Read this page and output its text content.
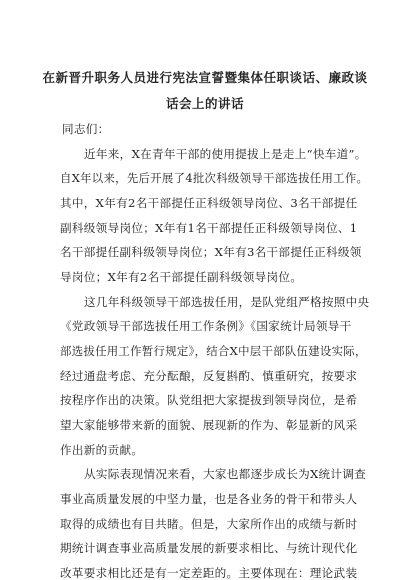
在新晋升职务人员进行宪法宣誓暨集体任职谈话、廉政谈
话会上的讲话
同志们：
近年来，X在青年干部的使用提拔上是走上“快车道”。
自X年以来，先后开展了4批次科级领导干部选拔任用工作。
其中，X年有2名干部提任正科级领导岗位、3名干部提任
副科级领导岗位；X年有1名干部提任正科级领导岗位、1
名干部提任副科级领导岗位；X年有3名干部提任正科级领
导岗位；X年有2名干部提任副科级领导岗位。
这几年科级领导干部选拔任用，是队党组严格按照中央
《党政领导干部选拔任用工作条例》《国家统计局领导干
部选拔任用工作暂行规定》，结合X中层干部队伍建设实际，
经过通盘考虑、充分酝酿，反复斟酌、慎重研究，按要求
按程序作出的决策。队党组把大家提拔到领导岗位，是希
望大家能够带来新的面貌、展现新的作为、彰显新的风采
作出新的贡献。
从实际表现情况来看，大家也都逐步成长为X统计调查
事业高质量发展的中坚力量，也是各业务的骨干和带头人
取得的成绩也有目共睹。但是，大家所作出的成绩与新时
期统计调查事业高质量发展的新要求相比、与统计现代化
改革要求相比还是有一定差距的。主要体现在：理论武装
